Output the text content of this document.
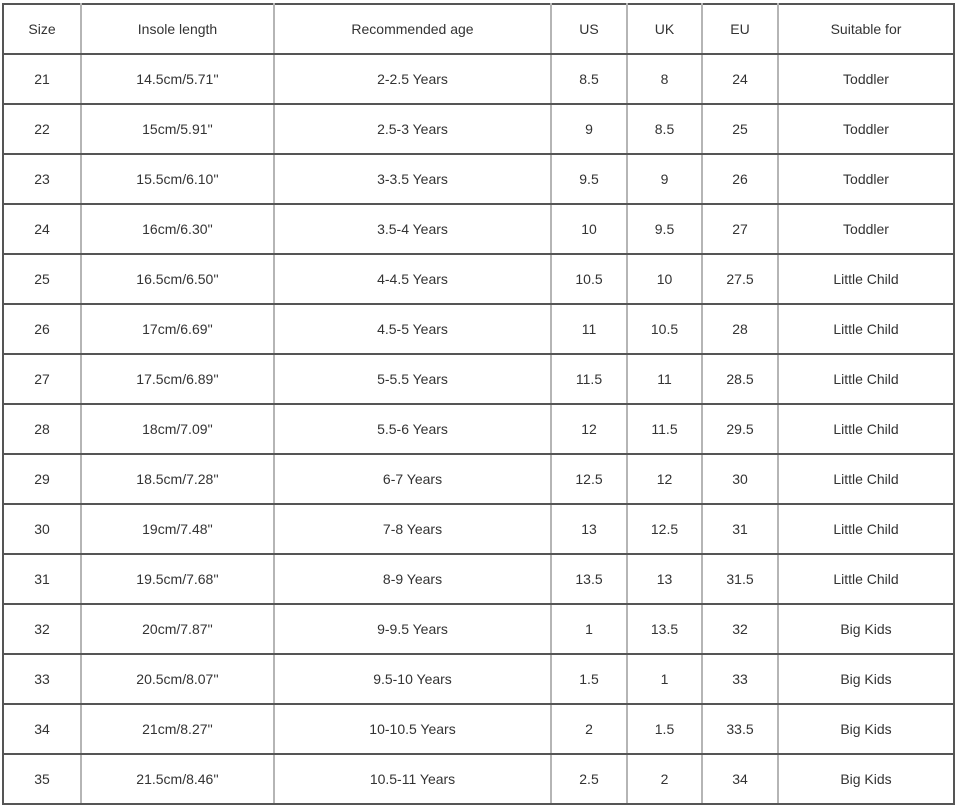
Size	Insole length	Recommended age	US	UK	EU	Suitable for
21	14.5cm/5.71''	2-2.5 Years	8.5	8	24	Toddler
22	15cm/5.91''	2.5-3 Years	9	8.5	25	Toddler
23	15.5cm/6.10''	3-3.5 Years	9.5	9	26	Toddler
24	16cm/6.30''	3.5-4 Years	10	9.5	27	Toddler
25	16.5cm/6.50''	4-4.5 Years	10.5	10	27.5	Little Child
26	17cm/6.69''	4.5-5 Years	11	10.5	28	Little Child
27	17.5cm/6.89''	5-5.5 Years	11.5	11	28.5	Little Child
28	18cm/7.09''	5.5-6 Years	12	11.5	29.5	Little Child
29	18.5cm/7.28''	6-7 Years	12.5	12	30	Little Child
30	19cm/7.48''	7-8 Years	13	12.5	31	Little Child
31	19.5cm/7.68''	8-9 Years	13.5	13	31.5	Little Child
32	20cm/7.87''	9-9.5 Years	1	13.5	32	Big Kids
33	20.5cm/8.07''	9.5-10 Years	1.5	1	33	Big Kids
34	21cm/8.27''	10-10.5 Years	2	1.5	33.5	Big Kids
35	21.5cm/8.46''	10.5-11 Years	2.5	2	34	Big Kids
